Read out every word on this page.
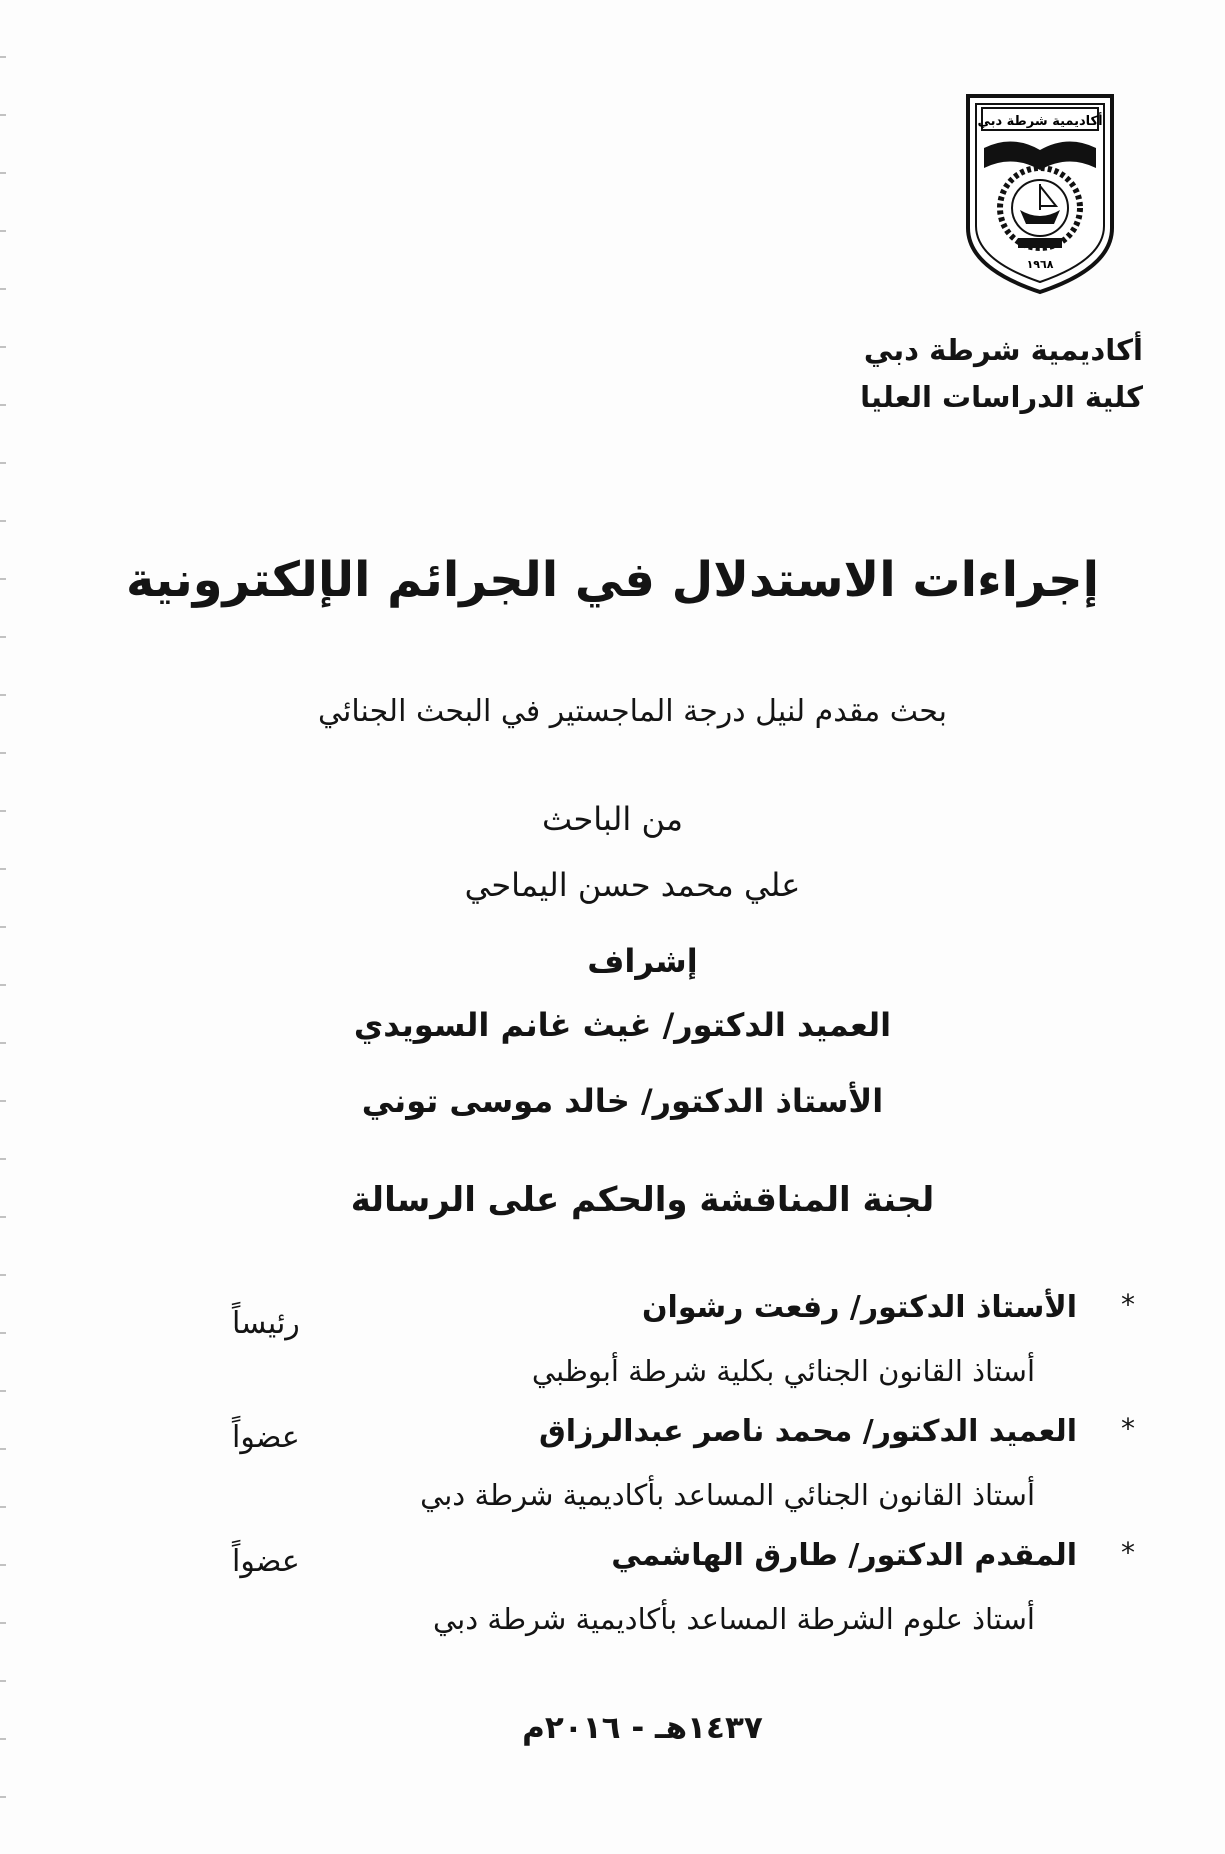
أكاديمية شرطة دبي
١٩٦٨
أكاديمية شرطة دبي
كلية الدراسات العليا
إجراءات الاستدلال في الجرائم الإلكترونية
بحث مقدم لنيل درجة الماجستير في البحث الجنائي
من الباحث
علي محمد حسن اليماحي
إشراف
العميد الدكتور/ غيث غانم السويدي
الأستاذ الدكتور/ خالد موسى توني
لجنة المناقشة والحكم على الرسالة
*
الأستاذ الدكتور/ رفعت رشوان
رئيساً
أستاذ القانون الجنائي بكلية شرطة أبوظبي
*
العميد الدكتور/ محمد ناصر عبدالرزاق
عضواً
أستاذ القانون الجنائي المساعد بأكاديمية شرطة دبي
*
المقدم الدكتور/ طارق الهاشمي
عضواً
أستاذ علوم الشرطة المساعد بأكاديمية شرطة دبي
١٤٣٧هـ - ٢٠١٦م
